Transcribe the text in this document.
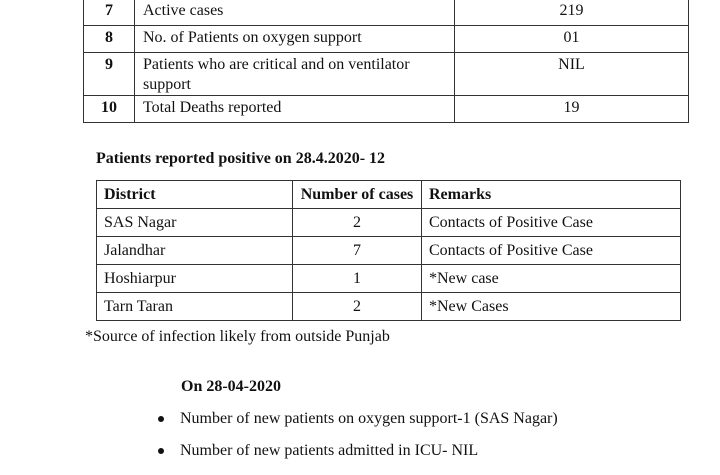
7	Active cases	219
8	No. of Patients on oxygen support	01
9	Patients who are critical and on ventilator support	NIL
10	Total Deaths reported	19
Patients reported positive on 28.4.2020- 12
District	Number of cases	Remarks
SAS Nagar	2	Contacts of Positive Case
Jalandhar	7	Contacts of Positive Case
Hoshiarpur	1	*New case
Tarn Taran	2	*New Cases
*Source of infection likely from outside Punjab
On 28-04-2020
Number of new patients on oxygen support-1 (SAS Nagar)
Number of new patients admitted in ICU- NIL
